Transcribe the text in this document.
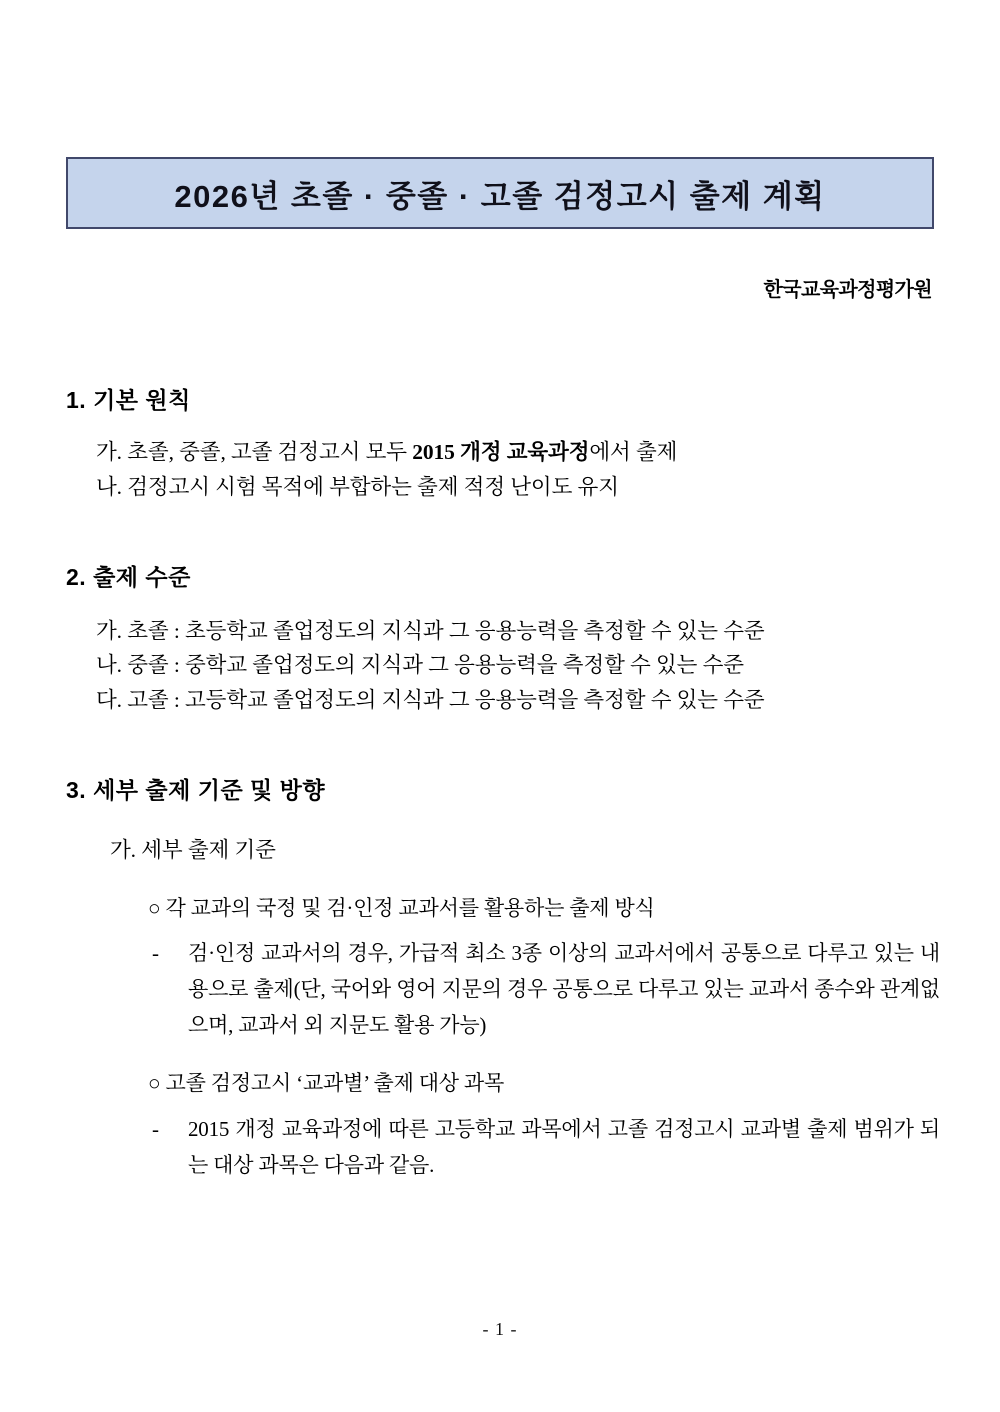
2026년 초졸 · 중졸 · 고졸 검정고시 출제 계획
한국교육과정평가원
1. 기본 원칙
가. 초졸, 중졸, 고졸 검정고시 모두 2015 개정 교육과정에서 출제
나. 검정고시 시험 목적에 부합하는 출제 적정 난이도 유지
2. 출제 수준
가. 초졸 : 초등학교 졸업정도의 지식과 그 응용능력을 측정할 수 있는 수준
나. 중졸 : 중학교 졸업정도의 지식과 그 응용능력을 측정할 수 있는 수준
다. 고졸 : 고등학교 졸업정도의 지식과 그 응용능력을 측정할 수 있는 수준
3. 세부 출제 기준 및 방향
가. 세부 출제 기준
○ 각 교과의 국정 및 검·인정 교과서를 활용하는 출제 방식
- 검·인정 교과서의 경우, 가급적 최소 3종 이상의 교과서에서 공통으로 다루고 있는 내용으로 출제(단, 국어와 영어 지문의 경우 공통으로 다루고 있는 교과서 종수와 관계없으며, 교과서 외 지문도 활용 가능)
○ 고졸 검정고시 ‘교과별’ 출제 대상 과목
- 2015 개정 교육과정에 따른 고등학교 과목에서 고졸 검정고시 교과별 출제 범위가 되는 대상 과목은 다음과 같음.
- 1 -
